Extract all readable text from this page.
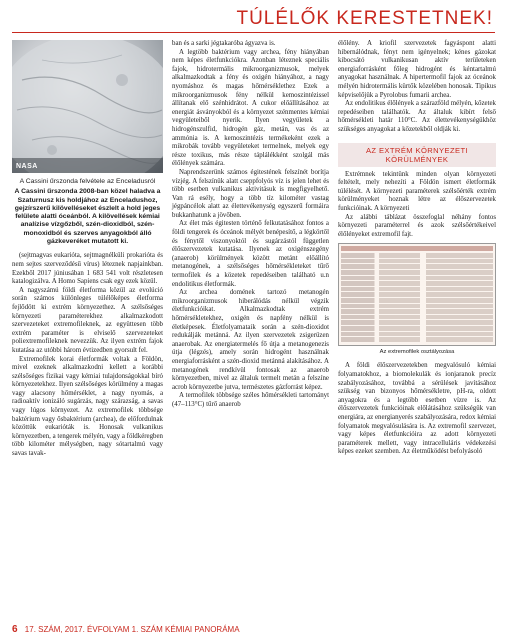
TÚLÉLŐK KERESTETNEK!
NASA
A Cassini űrszonda felvétele az Enceladusról
A Cassini űrszonda 2008-ban közel haladva a Szaturnusz kis holdjához az Enceladushoz, gejzírszerű kilövelléseket észlelt a hold jeges felülete alatti óceánból. A kilövellések kémiai analízise vízgőzből, szén-dioxidból, szén-monoxidból és szerves anyagokból álló gázkeveréket mutatott ki.

(sejtmagvas eukarióta, sejtmagnélküli prokarióta és nem sejtes szerveződésű vírus) léteznek napjainkban. Ezekből 2017 júniusában 1 683 541 volt részletesen katalogizálva. A Homo Sapiens csak egy ezek közül.

A nagyszámú földi életforma közül az evolúció során számos különleges túlélőképes életforma fejlődött ki extrém környezethez. A szélsőséges környezeti paraméterekhez alkalmazkodott szervezeteket extremofileknek, az együttesen több extrém paraméter is elviselő szervezeteket poliextremofileknek nevezzük. Az ilyen extrém fajok kutatása az utóbbi három évtizedben gyorsult fel.

Extremofilek korai életformák voltak a Földön, mivel ezeknek alkalmazkodni kellett a korábbi szélsőséges fizikai vagy kémiai tulajdonságokkal bíró környezetekhez. Ilyen szélsőséges körülmény a magas vagy alacsony hőmérséklet, a nagy nyomás, a radioaktív ionizáló sugárzás, nagy szárazság, a savas vagy lúgos környezet. Az extremofilek többsége baktérium vagy ősbaktérium (archea), de előfordulnak közöttük eukarióták is. Honosak vulkanikus környezetben, a tengerek mélyén, vagy a földkéregben több kilométer mélységben, nagy sótartalmú vagy savas tavak-

ban és a sarki jégtakaróba ágyazva is.

A legtöbb baktérium vagy archea, fény hiányában nem képes életfunkciókra. Azonban léteznek speciális fajok, hidrotermális mikroorganizmusok, melyek alkalmazkodtak a fény és oxigén hiányához, a nagy nyomáshoz és magas hőmérséklethez Ezek a mikroorganizmusok fény nélkül kemoszintézissel állítanak elő szénhidrátot. A cukor előállításához az energiát ásványokból és a környezet szénmentes kémiai vegyületeiből nyerik. Ilyen vegyületek a hidrogénszulfid, hidrogén gáz, metán, vas és az ammónia is. A kemoszintézis termékeként ezek a mikrobák tovább vegyületeket termelnek, melyek egy része toxikus, más része táplálékként szolgál más élőlények számára.

Naprendszerünk számos égitestének felszínét borítja vízjég. A felszínük alatt cseppfolyós víz is jelen lehet és több esetben vulkanikus aktivitásuk is megfigyelhető. Van rá esély, hogy a több tíz kilométer vastag jégpáncélok alatt az élettevékenység egyszerű formáira bukkanhatunk a jövőben.

Az élet más égitesten történő felkutatásához fontos a földi tengerek és óceánok mélyét benépesítő, a légkörtől és fénytől viszonyoktól és sugárzástól független élőszervezetek kutatása. Ilyenek az oxigénszegény (anaerob) körülmények között metánt előállító metanogének, a szélsőséges hőmérsékleteket tűrő termofilek és a közetek repedéseiben található u.n endolitikus életformák.

Az archea domének tartozó metanogén mikroorganizmusok hiberálódás nélkül végzik életfunkcióikat. Alkalmazkodtak extrém hőmérsékletekhez, oxigén és napfény nélkül is életképesek. Életfolyamataik során a szén-dioxidot redukálják metánná. Az ilyen szervezetek zsigerüzen anaerobak. Az energiatermelés fő útja a metanogenezis útja (légzés), amely során hidrogént használnak energiaforrásként a szén-dioxid metánná alakításához. A metanogének rendkívül fontosak az anaerob környezetben, mivel az általuk termelt metán a felszíne acrob környezetbe jutva, természetes gázforrást képez.

A termofilek többsége széles hőmérsékleti tartományt (47–113°C) tűrő anaerob

élőlény. A kriofil szervezetek fagyáspont alatti hibernálódnak, fényt nem igényelnek; kénes gázokat kibocsátó vulkanikusan aktív területeken energiaforrásként főleg hidrogént és kéntartalmú anyagokat használnak. A hipertermofil fajok az óceánok mélyén hidrotermális kürtők közelében honosak. Tipikus képviselőjük a Pyrolobus fumarii archea.

Az endolitikus élőlények a szárazföld mélyén, kőzetek repedéseiben találhatók. Az általuk kibírt felső hőmérsékleti határ 110°C. Az élettevékenységükhöz szükséges anyagokat a kőzetekből oldják ki.

AZ EXTRÉM KÖRNYEZETI
KÖRÜLMÉNYEK

Extrémnek tekintünk minden olyan környezeti feltételt, mely nehezíti a Földön ismert életformák túlélését. A környezeti paraméterek szélsőérték extrém körülményeket hoznak létre az élőszervezetek funkcióinak. A környezeti

Az alábbi táblázat összefoglal néhány fontos környezeti paraméterrel és azok szélsőértékeivel élőlényeket extremofil fajt.

Az extremofilek osztályozása

A földi élőszervezetekben megvalósuló kémiai folyamatokhoz, a biomolekulák és ionjaranok precíz szabályozásához, továbbá a sérülések javításához szükség van bizonyos hőmérsékletre, pH-ra, oldott anyagokra és a legtöbb esetben vízre is. Az élőszervezetek funkcióinak előlátásához szükségük van energiára, az energianyerés szabályozására, redox kémiai folyamatok megvalósulására is. Az extremofil szervezet, vagy képes életfunkcióira az adott környezeti paraméterek mellett, vagy intracelluláris védekezési képes ezeket szemben. Az életműködést befolyásoló

6 17. SZÁM, 2017. ÉVFOLYAM 1. SZÁM KÉMIAI PANORÁMA
